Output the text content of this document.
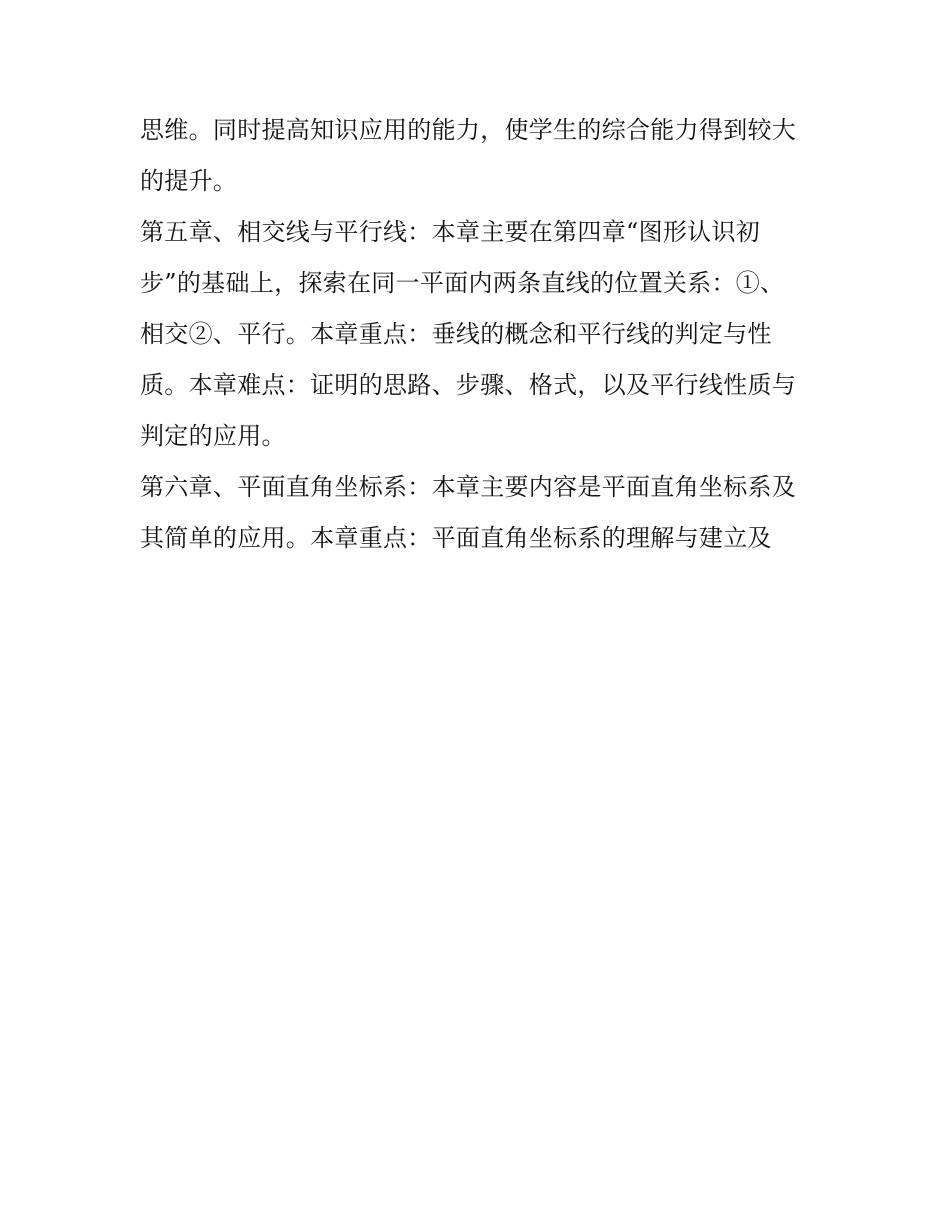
思维。同时提高知识应用的能力，使学生的综合能力得到较大
的提升。
第五章、相交线与平行线：本章主要在第四章“图形认识初
步”的基础上，探索在同一平面内两条直线的位置关系：①、
相交②、平行。本章重点：垂线的概念和平行线的判定与性
质。本章难点：证明的思路、步骤、格式，以及平行线性质与
判定的应用。
第六章、平面直角坐标系：本章主要内容是平面直角坐标系及
其简单的应用。本章重点：平面直角坐标系的理解与建立及
